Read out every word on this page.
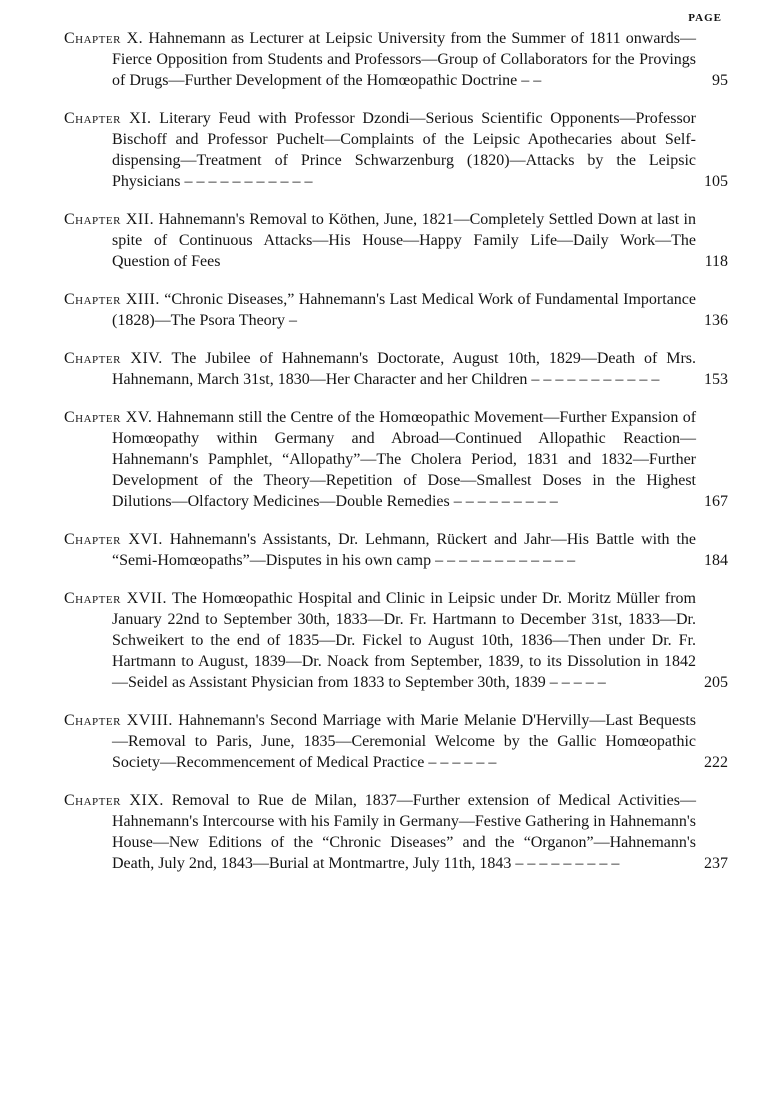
PAGE
Chapter X. Hahnemann as Lecturer at Leipsic University from the Summer of 1811 onwards—Fierce Opposition from Students and Professors—Group of Collaborators for the Provings of Drugs—Further Development of the Homœopathic Doctrine – –	95
Chapter XI. Literary Feud with Professor Dzondi—Serious Scientific Opponents—Professor Bischoff and Professor Puchelt—Complaints of the Leipsic Apothecaries about Self-dispensing—Treatment of Prince Schwarzenburg (1820)—Attacks by the Leipsic Physicians – – – – – – – – – – –	105
Chapter XII. Hahnemann's Removal to Köthen, June, 1821—Completely Settled Down at last in spite of Continuous Attacks—His House—Happy Family Life—Daily Work—The Question of Fees	118
Chapter XIII. “Chronic Diseases,” Hahnemann's Last Medical Work of Fundamental Importance (1828)—The Psora Theory –	136
Chapter XIV. The Jubilee of Hahnemann's Doctorate, August 10th, 1829—Death of Mrs. Hahnemann, March 31st, 1830—Her Character and her Children – – – – – – – – – – –	153
Chapter XV. Hahnemann still the Centre of the Homœopathic Movement—Further Expansion of Homœopathy within Germany and Abroad—Continued Allopathic Reaction—Hahnemann's Pamphlet, “Allopathy”—The Cholera Period, 1831 and 1832—Further Development of the Theory—Repetition of Dose—Smallest Doses in the Highest Dilutions—Olfactory Medicines—Double Remedies – – – – – – – – –	167
Chapter XVI. Hahnemann's Assistants, Dr. Lehmann, Rückert and Jahr—His Battle with the “Semi-Homœopaths”—Disputes in his own camp – – – – – – – – – – – –	184
Chapter XVII. The Homœopathic Hospital and Clinic in Leipsic under Dr. Moritz Müller from January 22nd to September 30th, 1833—Dr. Fr. Hartmann to December 31st, 1833—Dr. Schweikert to the end of 1835—Dr. Fickel to August 10th, 1836—Then under Dr. Fr. Hartmann to August, 1839—Dr. Noack from September, 1839, to its Dissolution in 1842—Seidel as Assistant Physician from 1833 to September 30th, 1839 – – – – –	205
Chapter XVIII. Hahnemann's Second Marriage with Marie Melanie D'Hervilly—Last Bequests—Removal to Paris, June, 1835—Ceremonial Welcome by the Gallic Homœopathic Society—Recommencement of Medical Practice – – – – – –	222
Chapter XIX. Removal to Rue de Milan, 1837—Further extension of Medical Activities—Hahnemann's Intercourse with his Family in Germany—Festive Gathering in Hahnemann's House—New Editions of the “Chronic Diseases” and the “Organon”—Hahnemann's Death, July 2nd, 1843—Burial at Montmartre, July 11th, 1843 – – – – – – – – –	237
